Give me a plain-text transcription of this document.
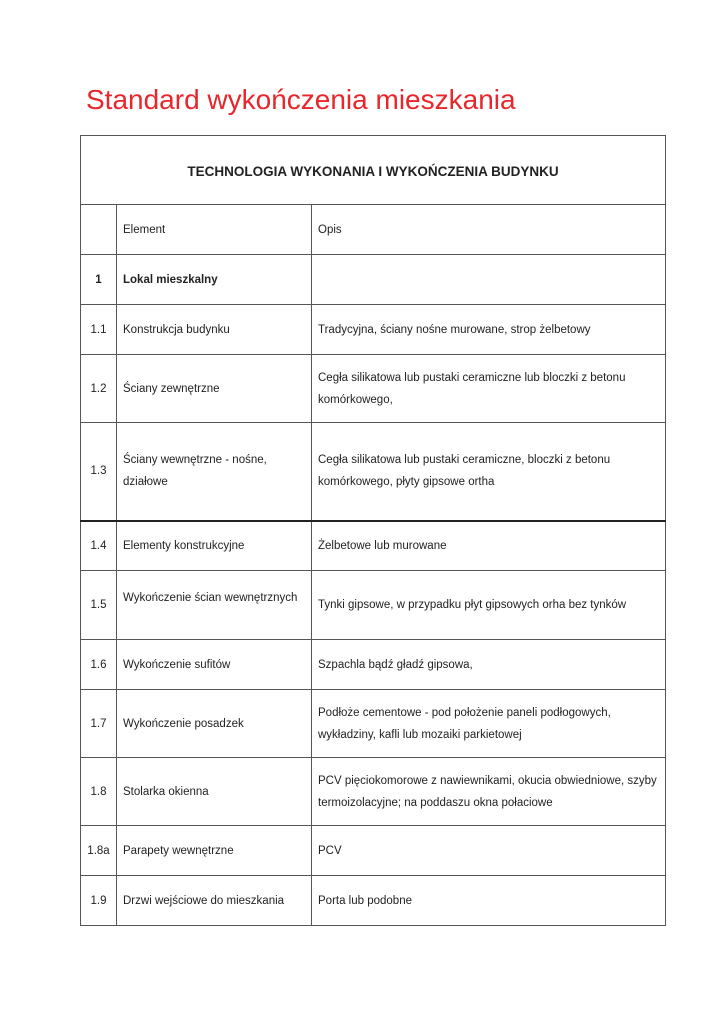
Standard wykończenia mieszkania
TECHNOLOGIA WYKONANIA I WYKOŃCZENIA BUDYNKU		
	Element	Opis
1	Lokal mieszkalny	
1.1	Konstrukcja budynku	Tradycyjna, ściany nośne murowane, strop żelbetowy
1.2	Ściany zewnętrzne	Cegła silikatowa lub pustaki ceramiczne lub bloczki z betonu komórkowego,
1.3	Ściany wewnętrzne - nośne, działowe	Cegła silikatowa lub pustaki ceramiczne, bloczki z betonu komórkowego, płyty gipsowe ortha
1.4	Elementy konstrukcyjne	Żelbetowe lub murowane
1.5	Wykończenie ścian wewnętrznych	Tynki gipsowe, w przypadku płyt gipsowych orha bez tynków
1.6	Wykończenie sufitów	Szpachla bądź gładź gipsowa,
1.7	Wykończenie posadzek	Podłoże cementowe - pod położenie paneli podłogowych, wykładziny, kafli lub mozaiki parkietowej
1.8	Stolarka okienna	PCV pięciokomorowe z nawiewnikami, okucia obwiedniowe, szyby termoizolacyjne; na poddaszu okna połaciowe
1.8a	Parapety wewnętrzne	PCV
1.9	Drzwi wejściowe do mieszkania	Porta lub podobne
